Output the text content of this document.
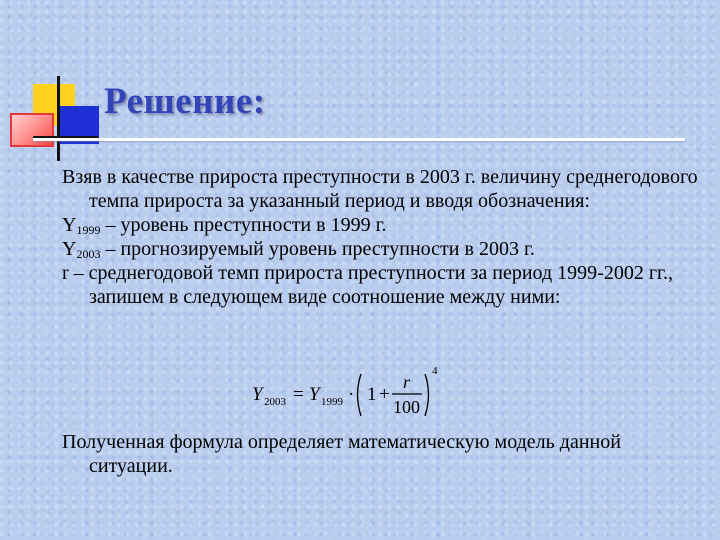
Решение:

Взяв в качестве прироста преступности в 2003 г. величину среднегодового темпа прироста за указанный период и вводя обозначения:

$Y_{1999}$ – уровень преступности в 1999 г.

$Y_{2003}$ – прогнозируемый уровень преступности в 2003 г.

r – среднегодовой темп прироста преступности за период 1999-2002 гг., запишем в следующем виде соотношение между ними:

Y 2003 = Y 1999 · 1 +
r
100
4

Полученная формула определяет математическую модель данной ситуации.
